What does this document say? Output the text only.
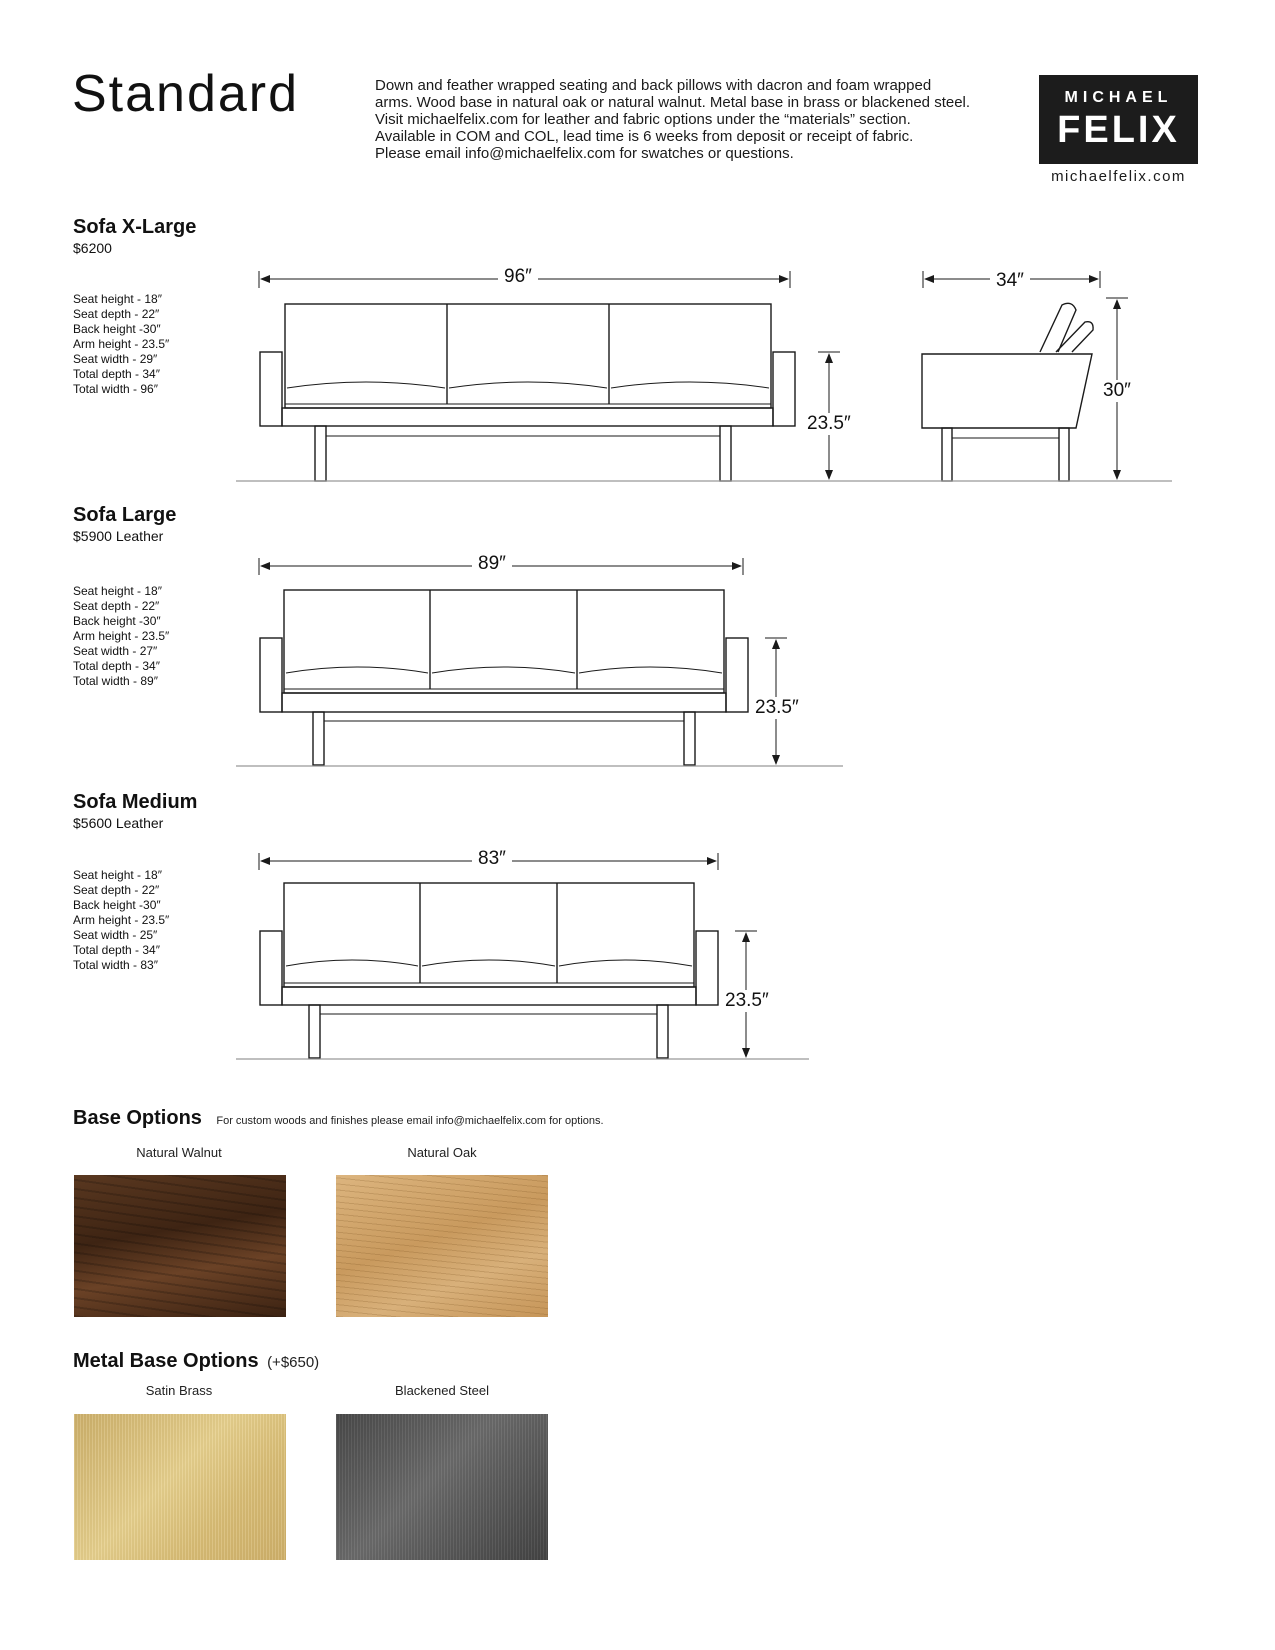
Standard	Down and feather wrapped seating and back pillows with dacron and foam wrapped
arms. Wood base in natural oak or natural walnut. Metal base in brass or blackened steel.
Visit michaelfelix.com for leather and fabric options under the “materials” section.
Available in COM and COL, lead time is 6 weeks from deposit or receipt of fabric.
Please email info@michaelfelix.com for swatches or questions.
MICHAEL
FELIX
michaelfelix.com
Sofa X-Large
$6200
Seat height - 18″
Seat depth - 22″
Back height -30″
Arm height - 23.5″
Seat width - 29″
Total depth - 34″
Total width - 96″
96″
23.5″
34″
30″
Sofa Large
$5900 Leather
Seat height - 18″
Seat depth - 22″
Back height -30″
Arm height - 23.5″
Seat width - 27″
Total depth - 34″
Total width - 89″
89″
23.5″
Sofa Medium
$5600 Leather
Seat height - 18″
Seat depth - 22″
Back height -30″
Arm height - 23.5″
Seat width - 25″
Total depth - 34″
Total width - 83″
83″
23.5″
Base Options For custom woods and finishes please email info@michaelfelix.com for options.
Natural Walnut	Natural Oak
Metal Base Options (+$650)
Satin Brass	Blackened Steel
